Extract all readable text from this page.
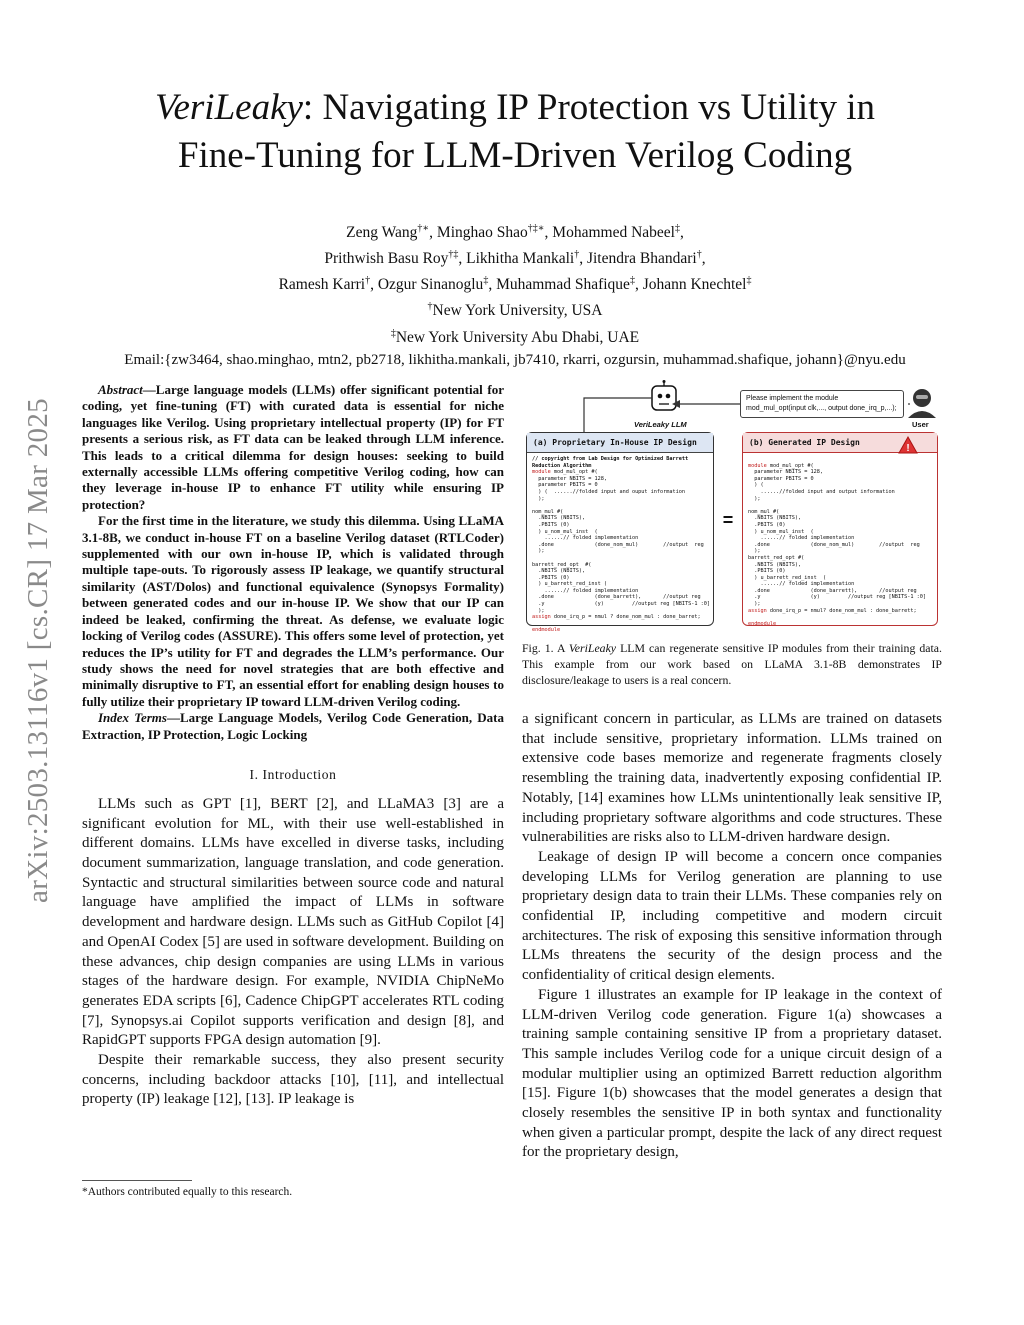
arXiv:2503.13116v1 [cs.CR] 17 Mar 2025
VeriLeaky: Navigating IP Protection vs Utility in
Fine-Tuning for LLM-Driven Verilog Coding
Zeng Wang†∗, Minghao Shao†‡∗, Mohammed Nabeel‡,
Prithwish Basu Roy†‡, Likhitha Mankali†, Jitendra Bhandari†,
Ramesh Karri†, Ozgur Sinanoglu‡, Muhammad Shafique‡, Johann Knechtel‡
†New York University, USA
‡New York University Abu Dhabi, UAE
Email:{zw3464, shao.minghao, mtn2, pb2718, likhitha.mankali, jb7410, rkarri, ozgursin, muhammad.shafique, johann}@nyu.edu

Abstract—Large language models (LLMs) offer significant potential for coding, yet fine-tuning (FT) with curated data is essential for niche languages like Verilog. Using proprietary intellectual property (IP) for FT presents a serious risk, as FT data can be leaked through LLM inference. This leads to a critical dilemma for design houses: seeking to build externally accessible LLMs offering competitive Verilog coding, how can they leverage in-house IP to enhance FT utility while ensuring IP protection?

For the first time in the literature, we study this dilemma. Using LLaMA 3.1-8B, we conduct in-house FT on a baseline Verilog dataset (RTLCoder) supplemented with our own in-house IP, which is validated through multiple tape-outs. To rigorously assess IP leakage, we quantify structural similarity (AST/Dolos) and functional equivalence (Synopsys Formality) between generated codes and our in-house IP. We show that our IP can indeed be leaked, confirming the threat. As defense, we evaluate logic locking of Verilog codes (ASSURE). This offers some level of protection, yet reduces the IP’s utility for FT and degrades the LLM’s performance. Our study shows the need for novel strategies that are both effective and minimally disruptive to FT, an essential effort for enabling design houses to fully utilize their proprietary IP toward LLM-driven Verilog coding.

Index Terms—Large Language Models, Verilog Code Generation, Data Extraction, IP Protection, Logic Locking

I. Introduction

LLMs such as GPT [1], BERT [2], and LLaMA3 [3] are a significant evolution for ML, with their use well-established in different domains. LLMs have excelled in diverse tasks, including document summarization, language translation, and code generation. Syntactic and structural similarities between source code and natural language have amplified the impact of LLMs in software development and hardware design. LLMs such as GitHub Copilot [4] and OpenAI Codex [5] are used in software development. Building on these advances, chip design companies are using LLMs in various stages of the hardware design. For example, NVIDIA ChipNeMo generates EDA scripts [6], Cadence ChipGPT accelerates RTL coding [7], Synopsys.ai Copilot supports verification and design [8], and RapidGPT supports FPGA design automation [9].

Despite their remarkable success, they also present security concerns, including backdoor attacks [10], [11], and intellectual property (IP) leakage [12], [13]. IP leakage is

*Authors contributed equally to this research.
Please implement the module
mod_mul_opt(input clk,..., output done_irq_p,...);
VeriLeaky LLM	User
(a) Proprietary In-House IP Design
// copyright from Lab Design for Optimized Barrett
Reduction Algorithm
module mod_mul_opt #(
parameter NBITS = 128,
parameter PBITS = 0
) (  ......//folded input and ouput information
);

nom_mul #(
.NBITS (NBITS),
.PBITS (0)
) u_nom_mul_inst  (
......// folded implementation
.done             (done_nom_mul)        //output  reg
);

barrett_red_opt  #(
.NBITS (NBITS),
.PBITS (0)
) u_barrett_red_inst (
......// folded implementation
.done             (done_barrett),       //output reg
.y                (y)         //output reg [NBITS-1 :0]
);
assign done_irq_p = nmul ? done_nom_mul : done_barret;

endmodule
=
(b) Generated IP Design

module mod_mul_opt #(
parameter NBITS = 128,
parameter PBITS = 0
) (
......//folded input and output information
);

nom_mul #(
.NBITS (NBITS),
.PBITS (0)
) u_nom_mul_inst  (
......// folded implementation
.done             (done_nom_mul)        //output  reg
);
barrett_red_opt #(
.NBITS (NBITS),
.PBITS (0)
) u_barrett_red_inst  (
......// folded implementation
.done             (done_barrett),       //output reg
.y                (y)         //output reg [NBITS-1 :0]
);
assign done_irq_p = nmul? done_nom_mul : done_barrett;

endmodule
!
Fig. 1. A VeriLeaky LLM can regenerate sensitive IP modules from their training data. This example from our work based on LLaMA 3.1-8B demonstrates IP disclosure/leakage to users is a real concern.

a significant concern in particular, as LLMs are trained on datasets that include sensitive, proprietary information. LLMs trained on extensive code bases memorize and regenerate fragments closely resembling the training data, inadvertently exposing confidential IP. Notably, [14] examines how LLMs unintentionally leak sensitive IP, including proprietary software algorithms and code structures. These vulnerabilities are risks also to LLM-driven hardware design.

Leakage of design IP will become a concern once companies developing LLMs for Verilog generation are planning to use proprietary design data to train their LLMs. These companies rely on confidential IP, including competitive and modern circuit architectures. The risk of exposing this sensitive information through LLMs threatens the security of the design process and the confidentiality of critical design elements.

Figure 1 illustrates an example for IP leakage in the context of LLM-driven Verilog code generation. Figure 1(a) showcases a training sample containing sensitive IP from a proprietary dataset. This sample includes Verilog code for a unique circuit design of a modular multiplier using an optimized Barrett reduction algorithm [15]. Figure 1(b) showcases that the model generates a design that closely resembles the sensitive IP in both syntax and functionality when given a particular prompt, despite the lack of any direct request for the proprietary design,
